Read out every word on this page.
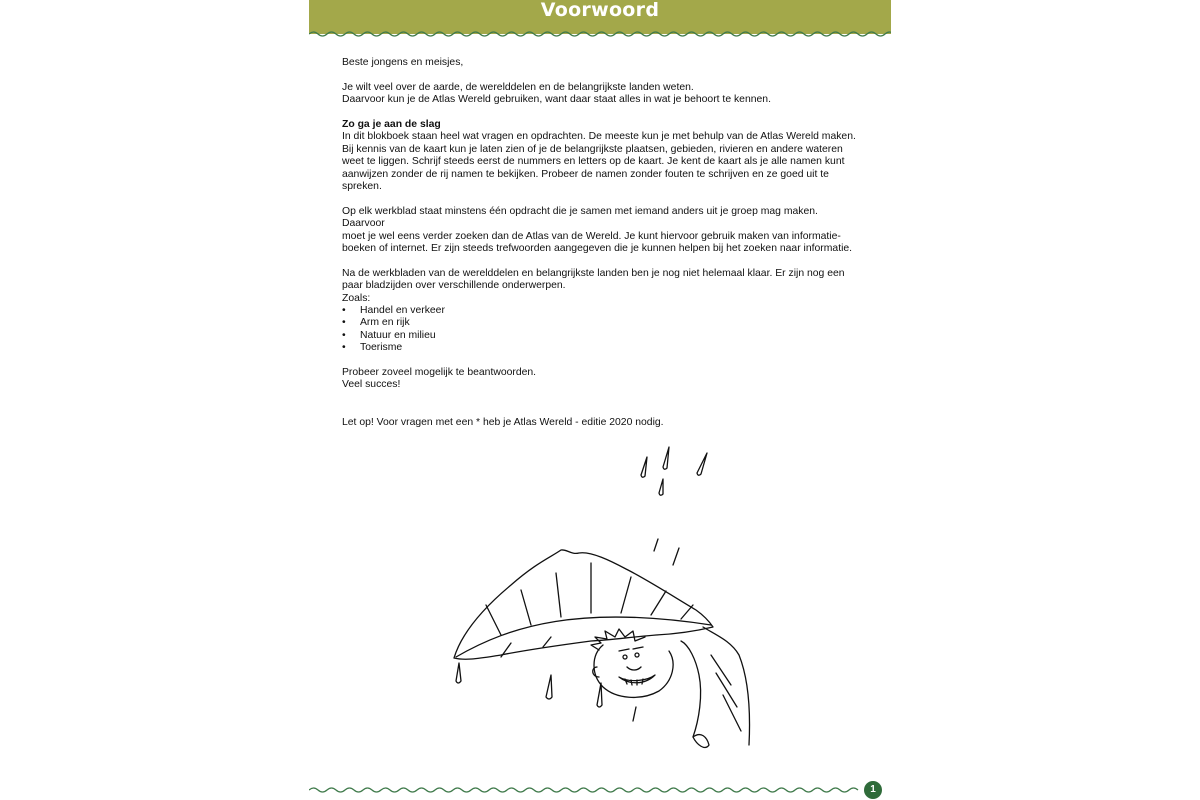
Voorwoord

Beste jongens en meisjes,

Je wilt veel over de aarde, de werelddelen en de belangrijkste landen weten.

Daarvoor kun je de Atlas Wereld gebruiken, want daar staat alles in wat je behoort te kennen.

Zo ga je aan de slag

In dit blokboek staan heel wat vragen en opdrachten. De meeste kun je met behulp van de Atlas Wereld maken.

Bij kennis van de kaart kun je laten zien of je de belangrijkste plaatsen, gebieden, rivieren en andere wateren

weet te liggen. Schrijf steeds eerst de nummers en letters op de kaart. Je kent de kaart als je alle namen kunt

aanwijzen zonder de rij namen te bekijken. Probeer de namen zonder fouten te schrijven en ze goed uit te

spreken.

Op elk werkblad staat minstens één opdracht die je samen met iemand anders uit je groep mag maken. Daarvoor

moet je wel eens verder zoeken dan de Atlas van de Wereld. Je kunt hiervoor gebruik maken van informatie-

boeken of internet. Er zijn steeds trefwoorden aangegeven die je kunnen helpen bij het zoeken naar informatie.

Na de werkbladen van de werelddelen en belangrijkste landen ben je nog niet helemaal klaar. Er zijn nog een

paar bladzijden over verschillende onderwerpen.

Zoals:

• Handel en verkeer
• Arm en rijk
• Natuur en milieu
• Toerisme

Probeer zoveel mogelijk te beantwoorden.

Veel succes!

Let op! Voor vragen met een * heb je Atlas Wereld - editie 2020 nodig.

1
